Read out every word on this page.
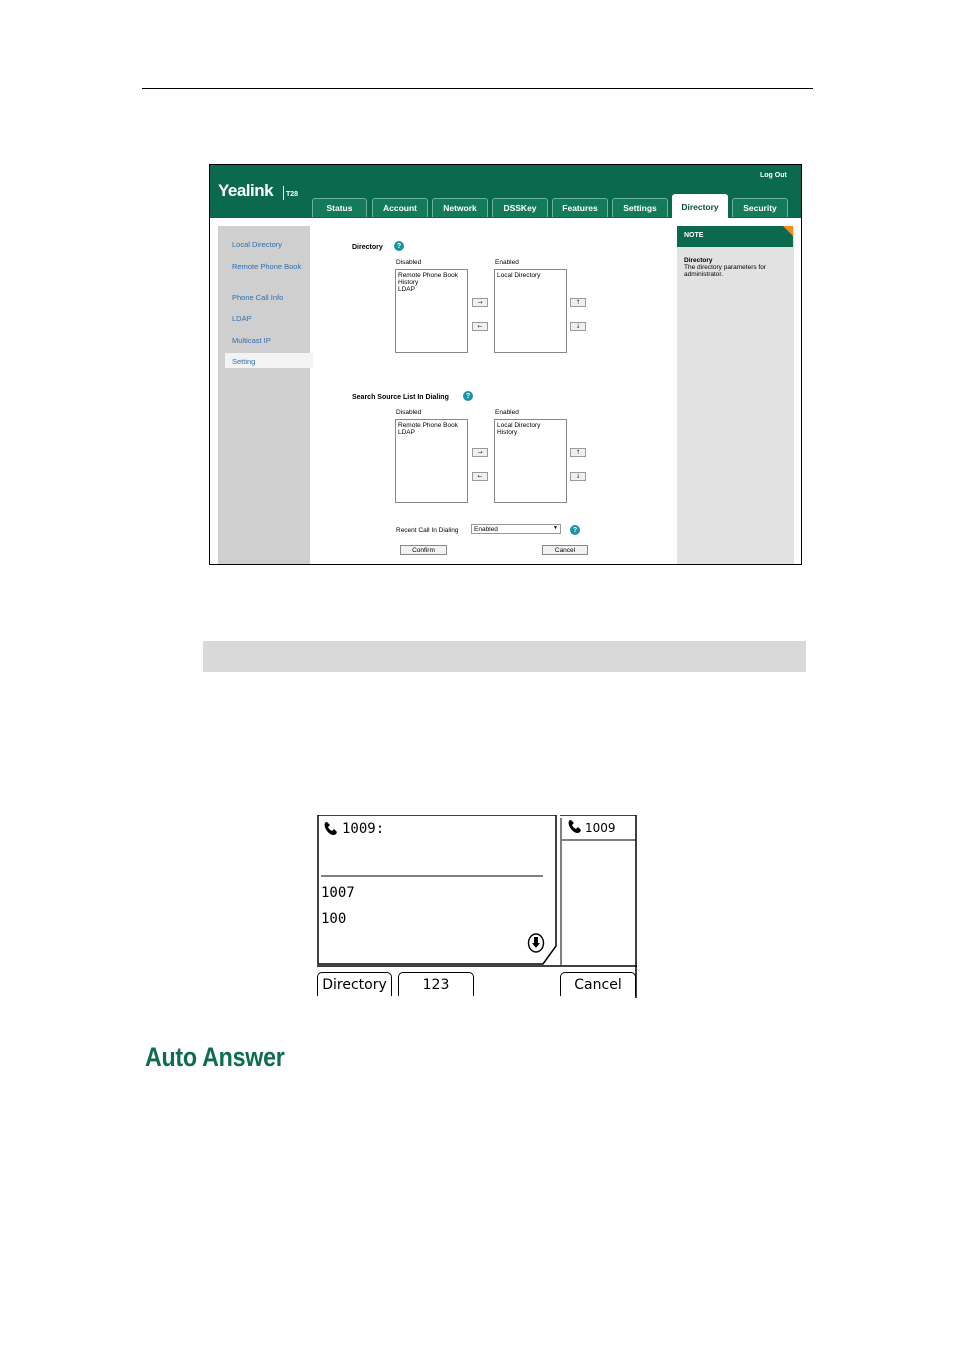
Yealink T28
Log Out
Status	Account	Network	DSSKey	Features	Settings	Directory	Security
Local Directory
Remote Phone Book
Phone Call Info
LDAP
Multicast IP
Setting
Directory	?
Disabled	Enabled
Remote Phone Book
History
LDAP
Local Directory
→
←
↑
↓
Search Source List In Dialing	?
Disabled	Enabled
Remote Phone Book
LDAP
Local Directory
History
→
←
↑
↓
Recent Call In Dialing	Enabled	▼	?
Confirm	Cancel
NOTE
Directory
The directory parameters for administrator.
1009:	1009
1007
100
Directory	123	Cancel
Auto Answer
